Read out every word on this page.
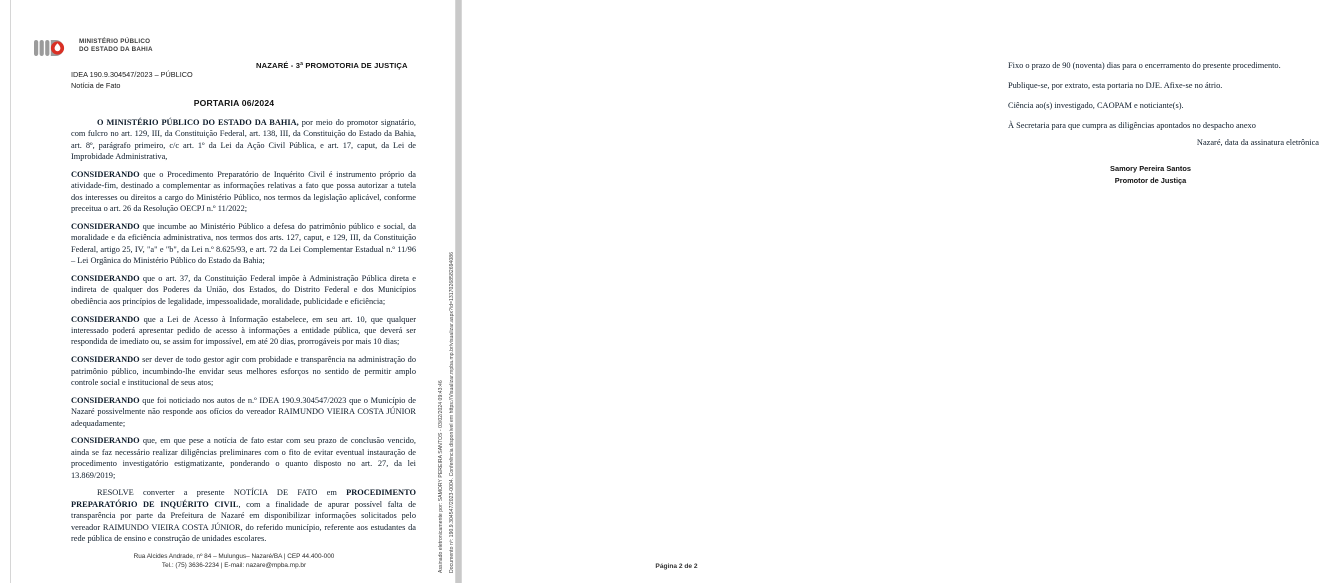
MINISTÉRIO PÚBLICO
DO ESTADO DA BAHIA
NAZARÉ - 3ª PROMOTORIA DE JUSTIÇA
IDEA 190.9.304547/2023 – PÚBLICO
Notícia de Fato
PORTARIA 06/2024

O MINISTÉRIO PÚBLICO DO ESTADO DA BAHIA, por meio do promotor signatário, com fulcro no art. 129, III, da Constituição Federal, art. 138, III, da Constituição do Estado da Bahia, art. 8º, parágrafo primeiro, c/c art. 1º da Lei da Ação Civil Pública, e art. 17, caput, da Lei de Improbidade Administrativa,

CONSIDERANDO que o Procedimento Preparatório de Inquérito Civil é instrumento próprio da atividade-fim, destinado a complementar as informações relativas a fato que possa autorizar a tutela dos interesses ou direitos a cargo do Ministério Público, nos termos da legislação aplicável, conforme preceitua o art. 26 da Resolução OECPJ n.º 11/2022;

CONSIDERANDO que incumbe ao Ministério Público a defesa do patrimônio público e social, da moralidade e da eficiência administrativa, nos termos dos arts. 127, caput, e 129, III, da Constituição Federal, artigo 25, IV, "a" e "b", da Lei n.º 8.625/93, e art. 72 da Lei Complementar Estadual n.º 11/96 – Lei Orgânica do Ministério Público do Estado da Bahia;

CONSIDERANDO que o art. 37, da Constituição Federal impõe à Administração Pública direta e indireta de qualquer dos Poderes da União, dos Estados, do Distrito Federal e dos Municípios obediência aos princípios de legalidade, impessoalidade, moralidade, publicidade e eficiência;

CONSIDERANDO que a Lei de Acesso à Informação estabelece, em seu art. 10, que qualquer interessado poderá apresentar pedido de acesso à informações a entidade pública, que deverá ser respondida de imediato ou, se assim for impossível, em até 20 dias, prorrogáveis por mais 10 dias;

CONSIDERANDO ser dever de todo gestor agir com probidade e transparência na administração do patrimônio público, incumbindo-lhe envidar seus melhores esforços no sentido de permitir amplo controle social e institucional de seus atos;

CONSIDERANDO que foi noticiado nos autos de n.º IDEA 190.9.304547/2023 que o Município de Nazaré possivelmente não responde aos ofícios do vereador RAIMUNDO VIEIRA COSTA JÚNIOR adequadamente;

CONSIDERANDO que, em que pese a notícia de fato estar com seu prazo de conclusão vencido, ainda se faz necessário realizar diligências preliminares com o fito de evitar eventual instauração de procedimento investigatório estigmatizante, ponderando o quanto disposto no art. 27, da lei 13.869/2019;

RESOLVE converter a presente NOTÍCIA DE FATO em PROCEDIMENTO PREPARATÓRIO DE INQUÉRITO CIVIL, com a finalidade de apurar possível falta de transparência por parte da Prefeitura de Nazaré em disponibilizar informações solicitados pelo vereador RAIMUNDO VIEIRA COSTA JÚNIOR, do referido município, referente aos estudantes da rede pública de ensino e construção de unidades escolares.

Rua Alcides Andrade, nº 84 – Mulungus– Nazaré/BA | CEP 44.400-000
Tel.: (75) 3636-2234 | E-mail: nazare@mpba.mp.br	Assinado eletronicamente por: SAMORY PEREIRA SANTOS - 03/02/2024 09:43:46 Documento nº: 190.9.304547/2023-0004. Conferência disponível em https://Visualizar.mpba.mp.br/visualizar.aspx?id=13170268582694086

Fixo o prazo de 90 (noventa) dias para o encerramento do presente procedimento.

Publique-se, por extrato, esta portaria no DJE. Afixe-se no átrio.

Ciência ao(s) investigado, CAOPAM e noticiante(s).

À Secretaria para que cumpra as diligências apontados no despacho anexo

Nazaré, data da assinatura eletrônica
Samory Pereira Santos
Promotor de Justiça
Página 2 de 2
